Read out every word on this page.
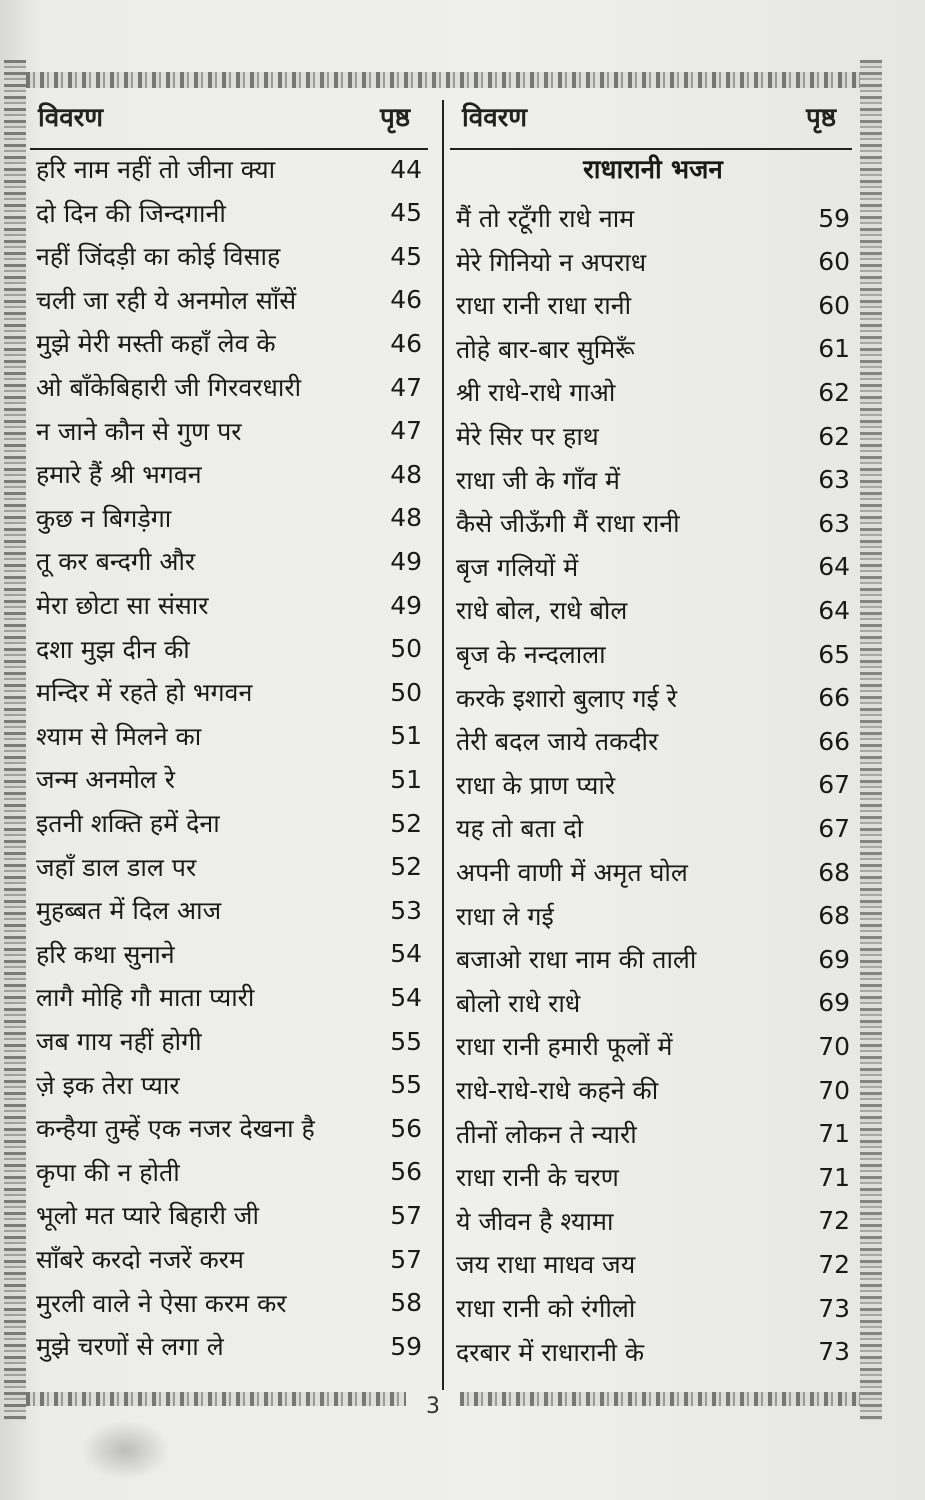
विवरण	पृष्ठ विवरण	पृष्ठ
राधारानी भजन
हरि नाम नहीं तो जीना क्या	44
दो दिन की जिन्दगानी	45
नहीं जिंदड़ी का कोई विसाह	45
चली जा रही ये अनमोल साँसें	46
मुझे मेरी मस्ती कहाँ लेव के	46
ओ बाँकेबिहारी जी गिरवरधारी	47
न जाने कौन से गुण पर	47
हमारे हैं श्री भगवन	48
कुछ न बिगड़ेगा	48
तू कर बन्दगी और	49
मेरा छोटा सा संसार	49
दशा मुझ दीन की	50
मन्दिर में रहते हो भगवन	50
श्याम से मिलने का	51
जन्म अनमोल रे	51
इतनी शक्ति हमें देना	52
जहाँ डाल डाल पर	52
मुहब्बत में दिल आज	53
हरि कथा सुनाने	54
लागै मोहि गौ माता प्यारी	54
जब गाय नहीं होगी	55
ज़े इक तेरा प्यार	55
कन्हैया तुम्हें एक नजर देखना है	56
कृपा की न होती	56
भूलो मत प्यारे बिहारी जी	57
साँबरे करदो नजरें करम	57
मुरली वाले ने ऐसा करम कर	58
मुझे चरणों से लगा ले	59
मैं तो रटूँगी राधे नाम	59
मेरे गिनियो न अपराध	60
राधा रानी राधा रानी	60
तोहे बार-बार सुमिरूँ	61
श्री राधे-राधे गाओ	62
मेरे सिर पर हाथ	62
राधा जी के गाँव में	63
कैसे जीऊँगी मैं राधा रानी	63
बृज गलियों में	64
राधे बोल, राधे बोल	64
बृज के नन्दलाला	65
करके इशारो बुलाए गई रे	66
तेरी बदल जाये तकदीर	66
राधा के प्राण प्यारे	67
यह तो बता दो	67
अपनी वाणी में अमृत घोल	68
राधा ले गई	68
बजाओ राधा नाम की ताली	69
बोलो राधे राधे	69
राधा रानी हमारी फूलों में	70
राधे-राधे-राधे कहने की	70
तीनों लोकन ते न्यारी	71
राधा रानी के चरण	71
ये जीवन है श्यामा	72
जय राधा माधव जय	72
राधा रानी को रंगीलो	73
दरबार में राधारानी के	73
3
